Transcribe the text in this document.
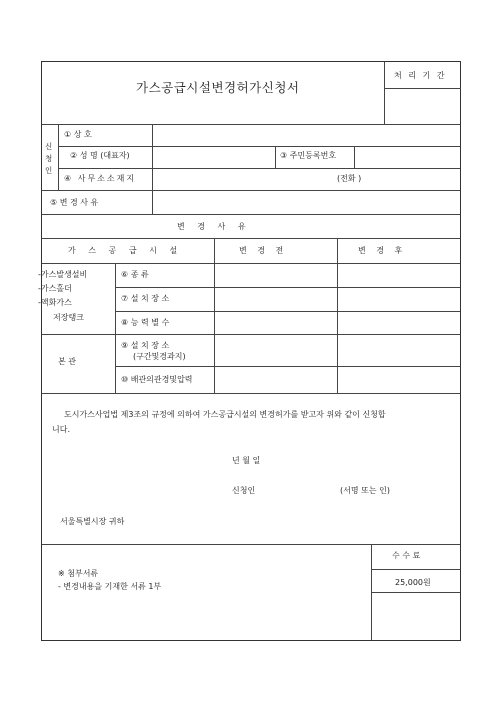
가스공급시설변경허가신청서
처 리 기 간
신청인
① 상 호
② 성 명 (대표자)	③ 주민등록번호
④ 사무소소재지	(전화 )
⑤ 변 경 사 유
변 경 사 유
가 스 공 급 시 설	변 경 전	변 경 후
-가스발생설비
-가스홀더
-액화가스
저장탱크
⑥ 종 류
⑦ 설 치 장 소
⑧ 능 력 별 수
본 관
⑨ 설 치 장 소
(구간및경과지)
⑩ 배관의관경및압력
도시가스사업법 제3조의 규정에 의하여 가스공급시설의 변경허가를 받고자 위와 같이 신청합
니다.
년 월 일
신청인	(서명 또는 인)
서울특별시장 귀하
※ 첨부서류
- 변경내용을 기재한 서류 1부
수 수 료
25,000원
